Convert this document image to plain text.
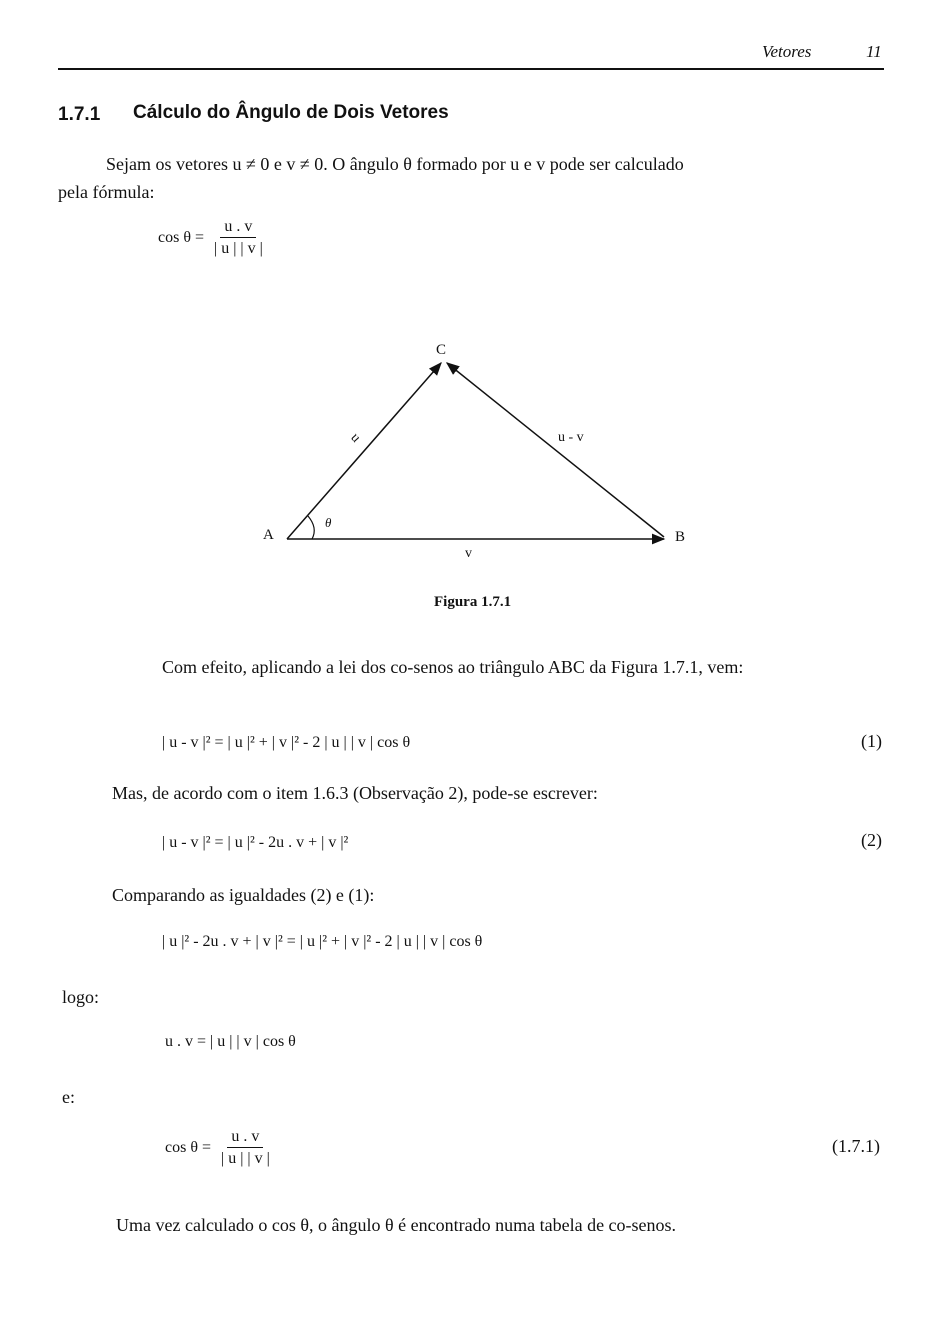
Vetores	11
1.7.1 Cálculo do Ângulo de Dois Vetores
Sejam os vetores u ≠ 0 e v ≠ 0. O ângulo θ formado por u e v pode ser calculado
pela fórmula:
$\cos \theta = \frac{u . v}{| u | | v |}$
C
A	B
u	u - v
v
θ
Figura 1.7.1
Com efeito, aplicando a lei dos co-senos ao triângulo ABC da Figura 1.7.1, vem:
| u - v |² = | u |² + | v |² - 2 | u | | v | cos θ	(1)
Mas, de acordo com o item 1.6.3 (Observação 2), pode-se escrever:
| u - v |² = | u |² - 2u . v + | v |²	(2)
Comparando as igualdades (2) e (1):
| u |² - 2u . v + | v |² = | u |² + | v |² - 2 | u | | v | cos θ
logo:
u . v = | u | | v | cos θ
e:
$\cos \theta = \frac{u . v}{| u | | v |}$	(1.7.1)
Uma vez calculado o cos θ, o ângulo θ é encontrado numa tabela de co-senos.
